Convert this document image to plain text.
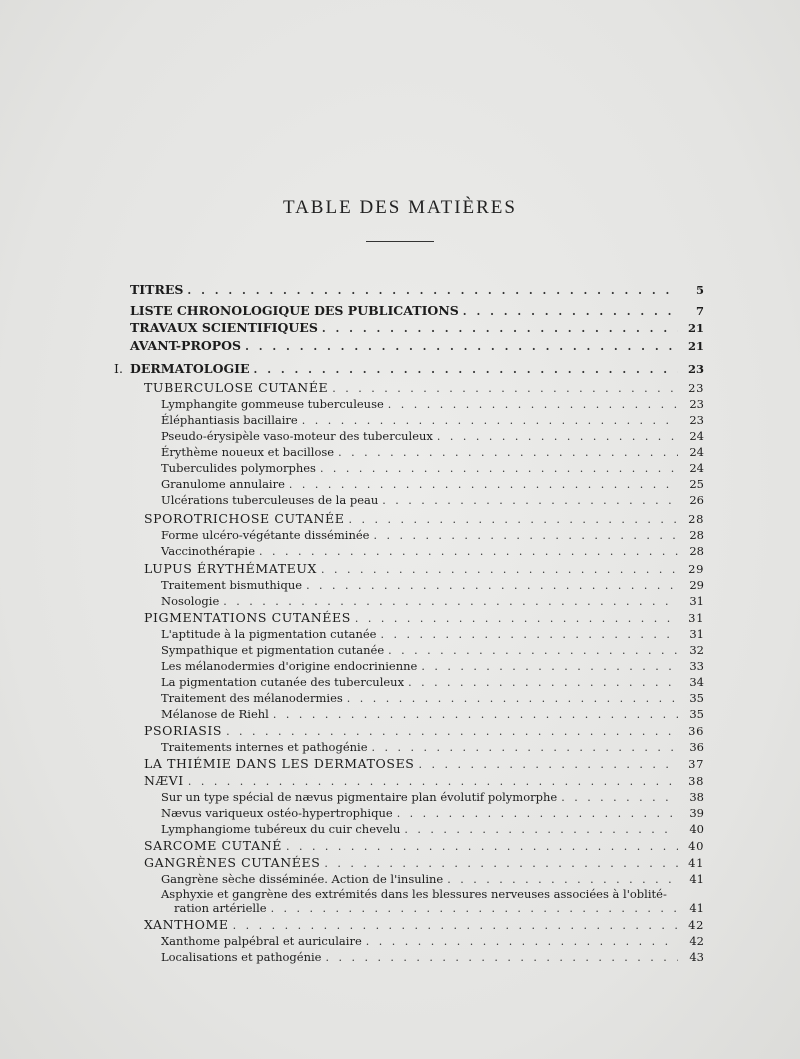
TABLE DES MATIÈRES
I.
TITRES . . .	5
LISTE CHRONOLOGIQUE DES PUBLICATIONS . . .	7
TRAVAUX SCIENTIFIQUES . . .	21
AVANT-PROPOS . . .	21
DERMATOLOGIE . . .	23
TUBERCULOSE CUTANÉE . . .	23
Lymphangite gommeuse tuberculeuse . . .	23
Éléphantiasis bacillaire . . .	23
Pseudo-érysipèle vaso-moteur des tuberculeux . . .	24
Érythème noueux et bacillose . . .	24
Tuberculides polymorphes . . .	24
Granulome annulaire . . .	25
Ulcérations tuberculeuses de la peau . . .	26
SPOROTRICHOSE CUTANÉE . . .	28
Forme ulcéro-végétante disséminée . . .	28
Vaccinothérapie . . .	28
LUPUS ÉRYTHÉMATEUX . . .	29
Traitement bismuthique . . .	29
Nosologie . . .	31
PIGMENTATIONS CUTANÉES . . .	31
L'aptitude à la pigmentation cutanée . . .	31
Sympathique et pigmentation cutanée . . .	32
Les mélanodermies d'origine endocrinienne . . .	33
La pigmentation cutanée des tuberculeux . . .	34
Traitement des mélanodermies . . .	35
Mélanose de Riehl . . .	35
PSORIASIS . . .	36
Traitements internes et pathogénie . . .	36
LA THIÉMIE DANS LES DERMATOSES . . .	37
NÆVI . . .	38
Sur un type spécial de nævus pigmentaire plan évolutif polymorphe . . .	38
Nævus variqueux ostéo-hypertrophique . . .	39
Lymphangiome tubéreux du cuir chevelu . . .	40
SARCOME CUTANÉ . . .	40
GANGRÈNES CUTANÉES . . .	41
Gangrène sèche disséminée. Action de l'insuline . . .	41
Asphyxie et gangrène des extrémités dans les blessures nerveuses associées à l'oblité-
ration artérielle . . .	41
XANTHOME . . .	42
Xanthome palpébral et auriculaire . . .	42
Localisations et pathogénie . . .	43
